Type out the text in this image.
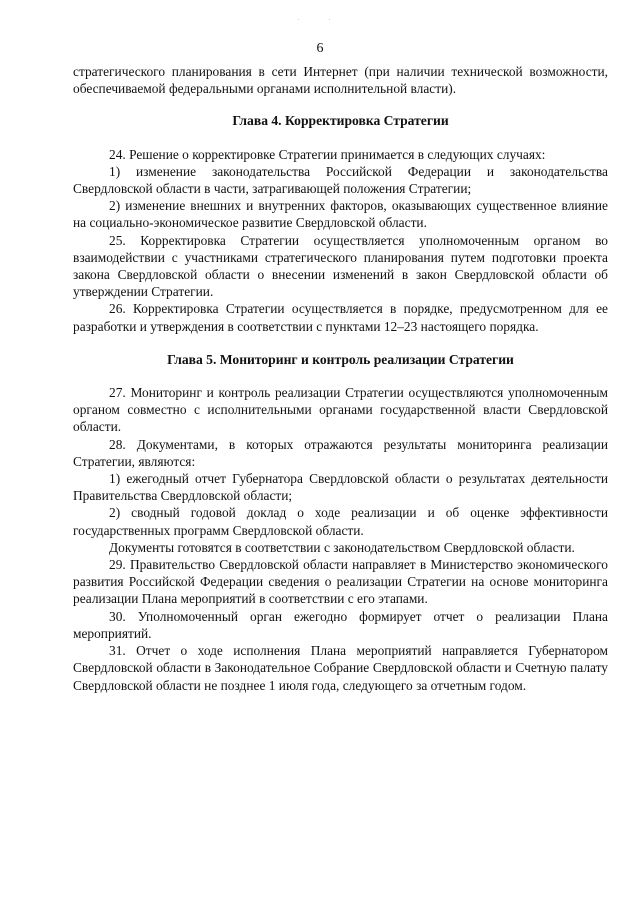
6

стратегического планирования в сети Интернет (при наличии технической возможности, обеспечиваемой федеральными органами исполнительной власти).

Глава 4. Корректировка Стратегии

24. Решение о корректировке Стратегии принимается в следующих случаях:

1) изменение законодательства Российской Федерации и законодательства Свердловской области в части, затрагивающей положения Стратегии;

2) изменение внешних и внутренних факторов, оказывающих существенное влияние на социально-экономическое развитие Свердловской области.

25. Корректировка Стратегии осуществляется уполномоченным органом во взаимодействии с участниками стратегического планирования путем подготовки проекта закона Свердловской области о внесении изменений в закон Свердловской области об утверждении Стратегии.

26. Корректировка Стратегии осуществляется в порядке, предусмотренном для ее разработки и утверждения в соответствии с пунктами 12–23 настоящего порядка.

Глава 5. Мониторинг и контроль реализации Стратегии

27. Мониторинг и контроль реализации Стратегии осуществляются уполномоченным органом совместно с исполнительными органами государственной власти Свердловской области.

28. Документами, в которых отражаются результаты мониторинга реализации Стратегии, являются:

1) ежегодный отчет Губернатора Свердловской области о результатах деятельности Правительства Свердловской области;

2) сводный годовой доклад о ходе реализации и об оценке эффективности государственных программ Свердловской области.

Документы готовятся в соответствии с законодательством Свердловской области.

29. Правительство Свердловской области направляет в Министерство экономического развития Российской Федерации сведения о реализации Стратегии на основе мониторинга реализации Плана мероприятий в соответствии с его этапами.

30. Уполномоченный орган ежегодно формирует отчет о реализации Плана мероприятий.

31. Отчет о ходе исполнения Плана мероприятий направляется Губернатором Свердловской области в Законодательное Собрание Свердловской области и Счетную палату Свердловской области не позднее 1 июля года, следующего за отчетным годом.
